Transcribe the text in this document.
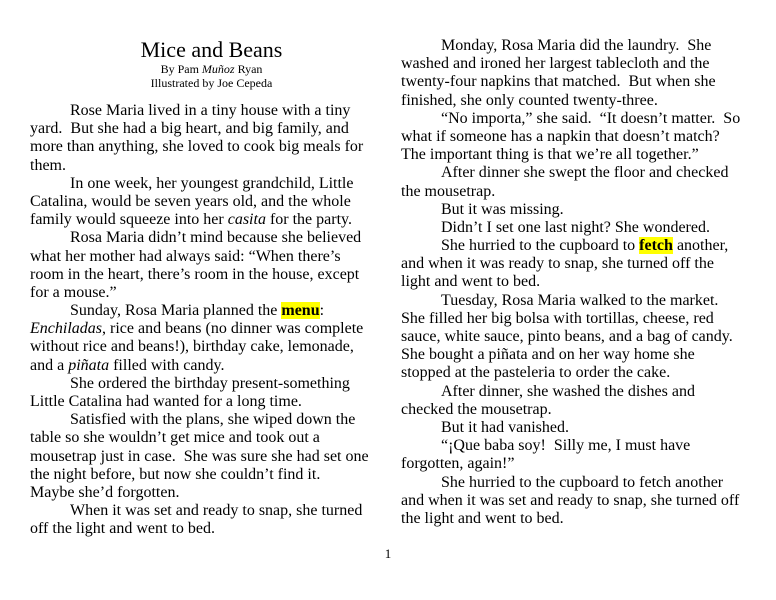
Mice and Beans
By Pam Muñoz Ryan
Illustrated by Joe Cepeda
Rose Maria lived in a tiny house with a tiny
yard.  But she had a big heart, and big family, and
more than anything, she loved to cook big meals for
them.
In one week, her youngest grandchild, Little
Catalina, would be seven years old, and the whole
family would squeeze into her casita for the party.
Rosa Maria didn’t mind because she believed
what her mother had always said: “When there’s
room in the heart, there’s room in the house, except
for a mouse.”
Sunday, Rosa Maria planned the menu:
Enchiladas, rice and beans (no dinner was complete
without rice and beans!), birthday cake, lemonade,
and a piñata filled with candy.
She ordered the birthday present-something
Little Catalina had wanted for a long time.
Satisfied with the plans, she wiped down the
table so she wouldn’t get mice and took out a
mousetrap just in case.  She was sure she had set one
the night before, but now she couldn’t find it.
Maybe she’d forgotten.
When it was set and ready to snap, she turned
off the light and went to bed.
Monday, Rosa Maria did the laundry.  She
washed and ironed her largest tablecloth and the
twenty-four napkins that matched.  But when she
finished, she only counted twenty-three.
“No importa,” she said.  “It doesn’t matter.  So
what if someone has a napkin that doesn’t match?
The important thing is that we’re all together.”
After dinner she swept the floor and checked
the mousetrap.
But it was missing.
Didn’t I set one last night? She wondered.
She hurried to the cupboard to fetch another,
and when it was ready to snap, she turned off the
light and went to bed.
Tuesday, Rosa Maria walked to the market.
She filled her big bolsa with tortillas, cheese, red
sauce, white sauce, pinto beans, and a bag of candy.
She bought a piñata and on her way home she
stopped at the pasteleria to order the cake.
After dinner, she washed the dishes and
checked the mousetrap.
But it had vanished.
“¡Que baba soy!  Silly me, I must have
forgotten, again!”
She hurried to the cupboard to fetch another
and when it was set and ready to snap, she turned off
the light and went to bed.
1
